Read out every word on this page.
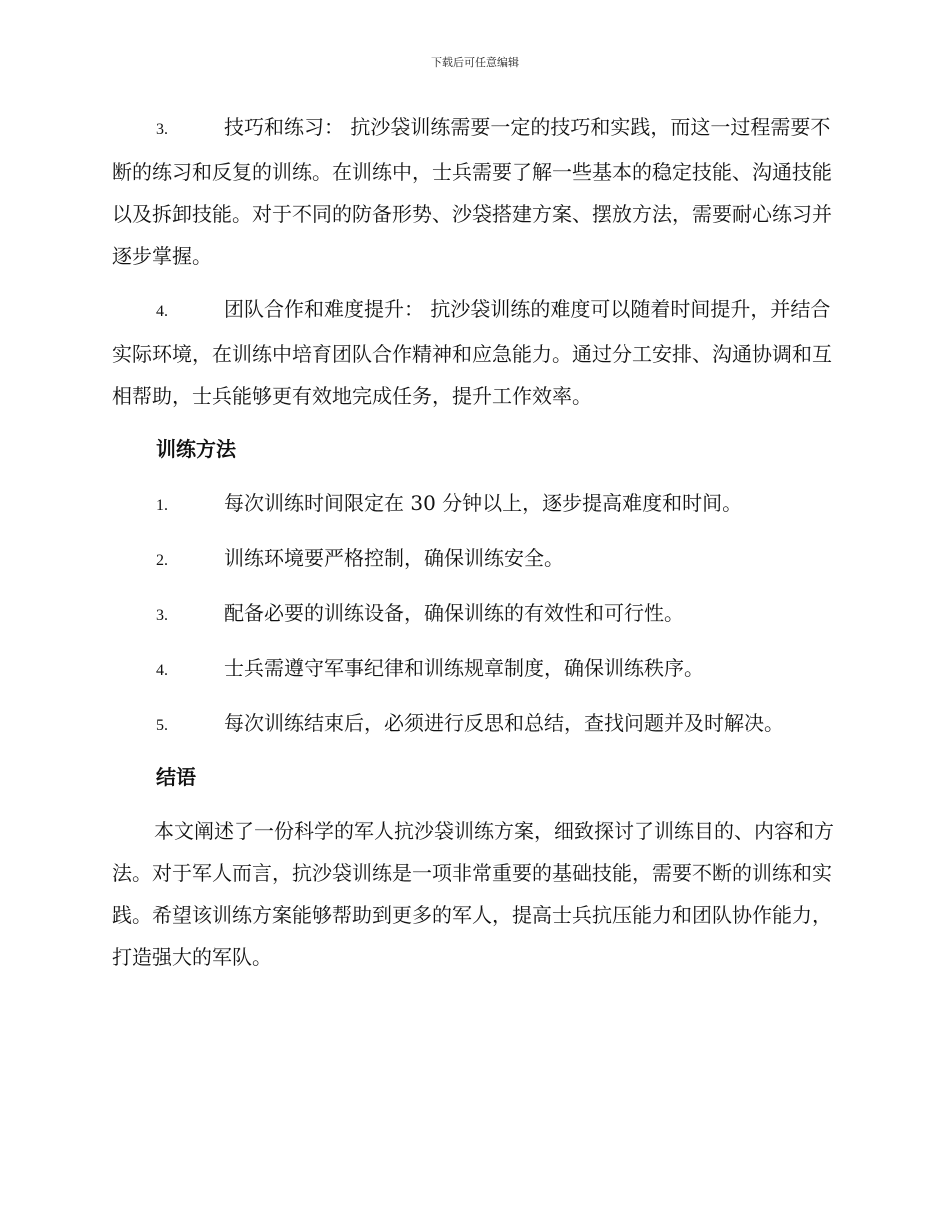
下载后可任意编辑
3.	技巧和练习： 抗沙袋训练需要一定的技巧和实践，而这一过程需要不断的练习和反复的训练。在训练中，士兵需要了解一些基本的稳定技能、沟通技能以及拆卸技能。对于不同的防备形势、沙袋搭建方案、摆放方法，需要耐心练习并逐步掌握。
4.	团队合作和难度提升： 抗沙袋训练的难度可以随着时间提升，并结合实际环境，在训练中培育团队合作精神和应急能力。通过分工安排、沟通协调和互相帮助，士兵能够更有效地完成任务，提升工作效率。
训练方法
1.	每次训练时间限定在 30 分钟以上，逐步提高难度和时间。
2.	训练环境要严格控制，确保训练安全。
3.	配备必要的训练设备，确保训练的有效性和可行性。
4.	士兵需遵守军事纪律和训练规章制度，确保训练秩序。
5.	每次训练结束后，必须进行反思和总结，查找问题并及时解决。
结语
本文阐述了一份科学的军人抗沙袋训练方案，细致探讨了训练目的、内容和方法。对于军人而言，抗沙袋训练是一项非常重要的基础技能，需要不断的训练和实践。希望该训练方案能够帮助到更多的军人，提高士兵抗压能力和团队协作能力，打造强大的军队。
